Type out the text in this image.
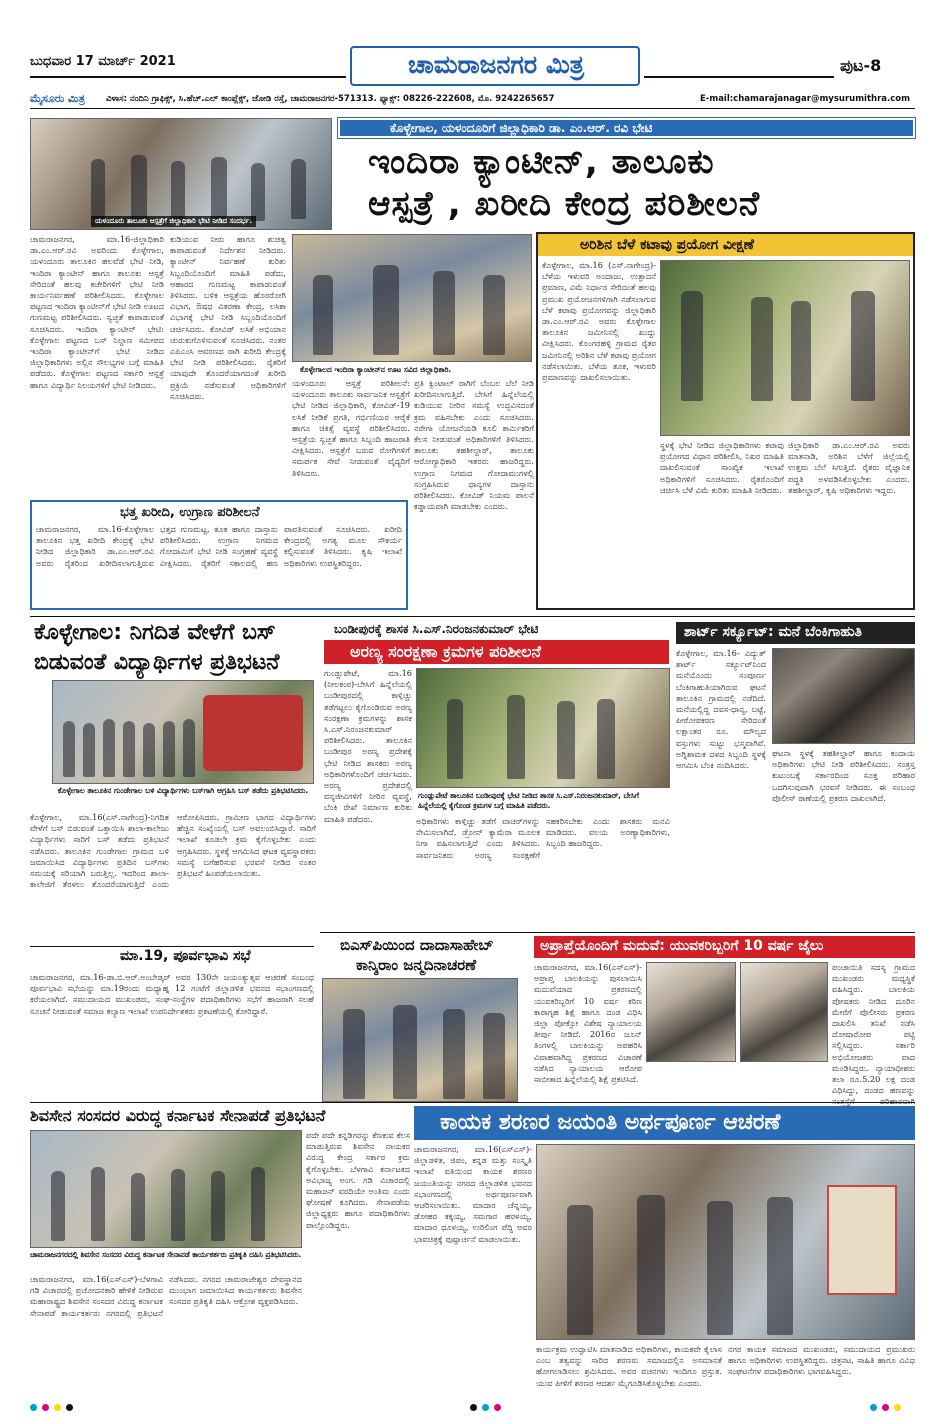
ಬುಧವಾರ 17 ಮಾರ್ಚ್ 2021	ಚಾಮರಾಜನಗರ ಮಿತ್ರ	ಪುಟ-8
ಮೈಸೂರು ಮಿತ್ರ ವಿಳಾಸ: ನಂದಿನಿ ಗ್ರಾಫಿಕ್ಸ್, ಸಿ.ಹೆಚ್.ಎಲ್ ಕಾಂಪ್ಲೆಕ್ಸ್, ಜೋಡಿ ರಸ್ತೆ, ಚಾಮರಾಜನಗರ-571313. ಫ್ಯಾಕ್ಸ್: 08226-222608, ಮೊ. 9242265657	E-mail:chamarajanagar@mysurumithra.com
ಯಳಂದೂರು ತಾಲೂಕು ಆಸ್ಪತ್ರೆಗೆ ಜಿಲ್ಲಾಧಿಕಾರಿ ಭೇಟಿ ನೀಡಿದ ಸಂದರ್ಭ.
ಕೊಳ್ಳೇಗಾಲ, ಯಳಂದೂರಿಗೆ ಜಿಲ್ಲಾಧಿಕಾರಿ ಡಾ. ಎಂ.ಆರ್. ರವಿ ಭೇಟಿ
ಇಂದಿರಾ ಕ್ಯಾಂಟೀನ್, ತಾಲೂಕು
ಆಸ್ಪತ್ರೆ , ಖರೀದಿ ಕೇಂದ್ರ ಪರಿಶೀಲನೆ
ಚಾಮರಾಜನಗರ, ಮಾ.16-ಜಿಲ್ಲಾಧಿಕಾರಿ ಡಾ.ಎಂ.ಆರ್.ರವಿ ಅವರಿಂದು ಕೊಳ್ಳೇಗಾಲ, ಯಳಂದೂರು ತಾಲೂಕಿನ ಹಲವೆಡೆ ಭೇಟಿ ನೀಡಿ, ಇಂದಿರಾ ಕ್ಯಾಂಟೀನ್ ಹಾಗೂ ತಾಲೂಕು ಆಸ್ಪತ್ರೆ ಸೇರಿದಂತೆ ಹಲವು ಕಚೇರಿಗಳಿಗೆ ಭೇಟಿ ನೀಡಿ ಕಾರ್ಯನಿರ್ವಹಣೆ ಪರಿಶೀಲಿಸಿದರು. ಕೊಳ್ಳೇಗಾಲ ಪಟ್ಟಣದ ಇಂದಿರಾ ಕ್ಯಾಂಟೀನ್‌ಗೆ ಭೇಟಿ ನೀಡಿ ಊಟದ ಗುಣಮಟ್ಟ ಪರಿಶೀಲಿಸಿದರು. ಸ್ವಚ್ಛತೆ ಕಾಪಾಡುವಂತೆ ಸೂಚಿಸಿದರು. ಇಂದಿರಾ ಕ್ಯಾಂಟೀನ್ ಭೇಟಿ: ಕೊಳ್ಳೇಗಾಲ ಪಟ್ಟಣದ ಬಸ್ ನಿಲ್ದಾಣ ಸಮೀಪದ ಇಂದಿರಾ ಕ್ಯಾಂಟೀನ್‌ಗೆ ಭೇಟಿ ನೀಡಿದ ಜಿಲ್ಲಾಧಿಕಾರಿಗಳು ಅಲ್ಲಿನ ಸೌಲಭ್ಯಗಳ ಬಗ್ಗೆ ಮಾಹಿತಿ ಪಡೆದರು. ಕೊಳ್ಳೇಗಾಲ ಪಟ್ಟಣದ ಸರ್ಕಾರಿ ಆಸ್ಪತ್ರೆ ಹಾಗೂ ವಿದ್ಯಾರ್ಥಿ ನಿಲಯಗಳಿಗೆ ಭೇಟಿ ನೀಡಿದರು.
ಕುಡಿಯುವ ನೀರು ಹಾಗೂ ಶುಚಿತ್ವ ಕಾಪಾಡುವಂತೆ ನಿರ್ದೇಶನ ನೀಡಿದರು. ಕ್ಯಾಂಟೀನ್ ನಿರ್ವಹಣೆ ಕುರಿತು ಸಿಬ್ಬಂದಿಯೊಂದಿಗೆ ಮಾಹಿತಿ ಪಡೆದು, ಆಹಾರದ ಗುಣಮಟ್ಟ ಕಾಪಾಡುವಂತೆ ತಿಳಿಸಿದರು. ಬಳಿಕ ಆಸ್ಪತ್ರೆಯ ಹೊರರೋಗಿ ವಿಭಾಗ, ಔಷಧ ವಿತರಣಾ ಕೇಂದ್ರ, ಲಸಿಕಾ ವಿಭಾಗಕ್ಕೆ ಭೇಟಿ ನೀಡಿ ಸಿಬ್ಬಂದಿಯೊಂದಿಗೆ ಚರ್ಚಿಸಿದರು. ಕೋವಿಡ್ ಲಸಿಕೆ ಅಭಿಯಾನ ಚುರುಕುಗೊಳಿಸುವಂತೆ ಸೂಚಿಸಿದರು. ನಂತರ ಎಪಿಎಂಸಿ ಆವರಣದ ರಾಗಿ ಖರೀದಿ ಕೇಂದ್ರಕ್ಕೆ ಭೇಟಿ ನೀಡಿ ಪರಿಶೀಲಿಸಿದರು. ರೈತರಿಗೆ ಯಾವುದೇ ತೊಂದರೆಯಾಗದಂತೆ ಖರೀದಿ ಪ್ರಕ್ರಿಯೆ ನಡೆಸುವಂತೆ ಅಧಿಕಾರಿಗಳಿಗೆ ಸೂಚಿಸಿದರು.
ಕೊಳ್ಳೇಗಾಲದ ಇಂದಿರಾ ಕ್ಯಾಂಟೀನ್‌ನ ಊಟ ಸವಿದ ಜಿಲ್ಲಾಧಿಕಾರಿ.
ಯಳಂದೂರು ಆಸ್ಪತ್ರೆ ಪರಿಶೀಲನೆ: ಯಳಂದೂರು ತಾಲೂಕು ಸಾರ್ವಜನಿಕ ಆಸ್ಪತ್ರೆಗೆ ಭೇಟಿ ನೀಡಿದ ಜಿಲ್ಲಾಧಿಕಾರಿ, ಕೋವಿಡ್-19 ಲಸಿಕೆ ನೀಡಿಕೆ ಪ್ರಗತಿ, ಗರ್ಭಿಣಿಯರ ಆರೈಕೆ ಹಾಗೂ ಚಿಕಿತ್ಸೆ ವ್ಯವಸ್ಥೆ ಪರಿಶೀಲಿಸಿದರು. ಆಸ್ಪತ್ರೆಯ ಸ್ವಚ್ಛತೆ ಹಾಗೂ ಸಿಬ್ಬಂದಿ ಹಾಜರಾತಿ ವೀಕ್ಷಿಸಿದರು. ಆಸ್ಪತ್ರೆಗೆ ಬರುವ ರೋಗಿಗಳಿಗೆ ಸಮರ್ಪಕ ಸೇವೆ ನೀಡುವಂತೆ ವೈದ್ಯರಿಗೆ ತಿಳಿಸಿದರು.
ಪ್ರತಿ ಕ್ವಿಂಟಾಲ್ ರಾಗಿಗೆ ಬೆಂಬಲ ಬೆಲೆ ನೀಡಿ ಖರೀದಿಸಲಾಗುತ್ತಿದೆ. ಬೇಸಿಗೆ ಹಿನ್ನೆಲೆಯಲ್ಲಿ ಕುಡಿಯುವ ನೀರಿನ ಸಮಸ್ಯೆ ಉದ್ಭವಿಸದಂತೆ ಕ್ರಮ ವಹಿಸಬೇಕು ಎಂದು ಸೂಚಿಸಿದರು. ನರೇಗಾ ಯೋಜನೆಯಡಿ ಕೂಲಿ ಕಾರ್ಮಿಕರಿಗೆ ಕೆಲಸ ನೀಡುವಂತೆ ಅಧಿಕಾರಿಗಳಿಗೆ ತಿಳಿಸಿದರು. ತಾಲೂಕು ತಹಶೀಲ್ದಾರ್, ತಾಲೂಕು ಆರೋಗ್ಯಾಧಿಕಾರಿ ಇತರರು ಹಾಜರಿದ್ದರು. ಉಗ್ರಾಣ ನಿಗಮದ ಗೋದಾಮುಗಳಲ್ಲಿ ಸಂಗ್ರಹಿಸಿರುವ ಧಾನ್ಯಗಳ ದಾಸ್ತಾನು ಪರಿಶೀಲಿಸಿದರು. ಕೋವಿಡ್ ನಿಯಮ ಪಾಲನೆ ಕಡ್ಡಾಯವಾಗಿ ಮಾಡಬೇಕು ಎಂದರು.
ಭತ್ತ ಖರೀದಿ, ಉಗ್ರಾಣ ಪರಿಶೀಲನೆ
ಚಾಮರಾಜನಗರ, ಮಾ.16-ಕೊಳ್ಳೇಗಾಲ ತಾಲೂಕಿನ ಭತ್ತ ಖರೀದಿ ಕೇಂದ್ರಕ್ಕೆ ಭೇಟಿ ನೀಡಿದ ಜಿಲ್ಲಾಧಿಕಾರಿ ಡಾ.ಎಂ.ಆರ್.ರವಿ ಅವರು ರೈತರಿಂದ ಖರೀದಿಸಲಾಗುತ್ತಿರುವ ಭತ್ತದ ಗುಣಮಟ್ಟ, ತೂಕ ಹಾಗೂ ದಾಸ್ತಾನು ಪರಿಶೀಲಿಸಿದರು. ಉಗ್ರಾಣ ನಿಗಮದ ಗೋದಾಮಿಗೆ ಭೇಟಿ ನೀಡಿ ಸಂಗ್ರಹಣೆ ವ್ಯವಸ್ಥೆ ವೀಕ್ಷಿಸಿದರು. ರೈತರಿಗೆ ಸಕಾಲದಲ್ಲಿ ಹಣ ಪಾವತಿಸುವಂತೆ ಸೂಚಿಸಿದರು. ಖರೀದಿ ಕೇಂದ್ರದಲ್ಲಿ ಅಗತ್ಯ ಮೂಲ ಸೌಕರ್ಯ ಕಲ್ಪಿಸುವಂತೆ ತಿಳಿಸಿದರು. ಕೃಷಿ ಇಲಾಖೆ ಅಧಿಕಾರಿಗಳು ಉಪಸ್ಥಿತರಿದ್ದರು.
ಅರಿಶಿನ ಬೆಳೆ ಕಟಾವು ಪ್ರಯೋಗ ವೀಕ್ಷಣೆ
ಕೊಳ್ಳೇಗಾಲ, ಮಾ.16 (ಎಸ್.ನಾಗೇಂದ್ರ)-ಬೆಳೆಯ ಇಳುವರಿ ಅಂದಾಜು, ಉತ್ಪಾದನೆ ಪ್ರಮಾಣ, ವಿಮೆ ನಿರ್ಧಾರ ಸೇರಿದಂತೆ ಹಲವು ಪ್ರಮುಖ ಪ್ರಯೋಜನಗಳಿಗಾಗಿ ನಡೆಸಲಾಗುವ ಬೆಳೆ ಕಟಾವು ಪ್ರಯೋಗವನ್ನು ಜಿಲ್ಲಾಧಿಕಾರಿ ಡಾ.ಎಂ.ಆರ್.ರವಿ ಅವರು ಕೊಳ್ಳೇಗಾಲ ತಾಲೂಕಿನ ಜಮೀನಿನಲ್ಲಿ ಖುದ್ದು ವೀಕ್ಷಿಸಿದರು. ಕೊಂಗರಹಳ್ಳಿ ಗ್ರಾಮದ ರೈತರ ಜಮೀನಿನಲ್ಲಿ ಅರಿಶಿನ ಬೆಳೆ ಕಟಾವು ಪ್ರಯೋಗ ನಡೆಸಲಾಯಿತು. ಬೆಳೆಯ ತೂಕ, ಇಳುವರಿ ಪ್ರಮಾಣವನ್ನು ದಾಖಲಿಸಲಾಯಿತು.
ಸ್ಥಳಕ್ಕೆ ಭೇಟಿ ನೀಡಿದ ಜಿಲ್ಲಾಧಿಕಾರಿಗಳು ಕಟಾವು ಪ್ರಯೋಗದ ವಿಧಾನ ಪರಿಶೀಲಿಸಿ, ನಿಖರ ಮಾಹಿತಿ ದಾಖಲಿಸುವಂತೆ ಸಾಂಖ್ಯಿಕ ಇಲಾಖೆ ಅಧಿಕಾರಿಗಳಿಗೆ ಸೂಚಿಸಿದರು. ರೈತರೊಂದಿಗೆ ಚರ್ಚಿಸಿ ಬೆಳೆ ವಿಮೆ ಕುರಿತು ಮಾಹಿತಿ ನೀಡಿದರು.
ಜಿಲ್ಲಾಧಿಕಾರಿ ಡಾ.ಎಂ.ಆರ್.ರವಿ ಅವರು ಮಾತನಾಡಿ, ಅರಿಶಿನ ಬೆಳೆಗೆ ಜಿಲ್ಲೆಯಲ್ಲಿ ಉತ್ತಮ ಬೆಲೆ ಸಿಗುತ್ತಿದೆ. ರೈತರು ವೈಜ್ಞಾನಿಕ ಪದ್ಧತಿ ಅಳವಡಿಸಿಕೊಳ್ಳಬೇಕು ಎಂದರು. ತಹಶೀಲ್ದಾರ್, ಕೃಷಿ ಅಧಿಕಾರಿಗಳು ಇದ್ದರು.
ಕೊಳ್ಳೇಗಾಲ: ನಿಗದಿತ ವೇಳೆಗೆ ಬಸ್
ಬಿಡುವಂತೆ ವಿದ್ಯಾರ್ಥಿಗಳ ಪ್ರತಿಭಟನೆ
ಕೊಳ್ಳೇಗಾಲ ತಾಲೂಕಿನ ಗುಂಡೇಗಾಲ ಬಳಿ ವಿದ್ಯಾರ್ಥಿಗಳು ಬಸ್‌ಗಾಗಿ ಆಗ್ರಹಿಸಿ ಬಸ್ ತಡೆದು ಪ್ರತಿಭಟಿಸಿದರು.
ಕೊಳ್ಳೇಗಾಲ, ಮಾ.16(ಎಸ್.ನಾಗೇಂದ್ರ)-ನಿಗದಿತ ವೇಳೆಗೆ ಬಸ್ ಬಿಡುವಂತೆ ಒತ್ತಾಯಿಸಿ ಶಾಲಾ-ಕಾಲೇಜು ವಿದ್ಯಾರ್ಥಿಗಳು ಸಾರಿಗೆ ಬಸ್ ತಡೆದು ಪ್ರತಿಭಟನೆ ನಡೆಸಿದರು. ತಾಲೂಕಿನ ಗುಂಡೇಗಾಲ ಗ್ರಾಮದ ಬಳಿ ಜಮಾಯಿಸಿದ ವಿದ್ಯಾರ್ಥಿಗಳು ಪ್ರತಿದಿನ ಬಸ್‌ಗಳು ಸಮಯಕ್ಕೆ ಸರಿಯಾಗಿ ಬರುತ್ತಿಲ್ಲ. ಇದರಿಂದ ಶಾಲಾ-ಕಾಲೇಜಿಗೆ ತೆರಳಲು ತೊಂದರೆಯಾಗುತ್ತಿದೆ ಎಂದು ಆರೋಪಿಸಿದರು. ಗ್ರಾಮೀಣ ಭಾಗದ ವಿದ್ಯಾರ್ಥಿಗಳು ಹೆಚ್ಚಿನ ಸಂಖ್ಯೆಯಲ್ಲಿ ಬಸ್ ಅವಲಂಬಿಸಿದ್ದಾರೆ. ಸಾರಿಗೆ ಇಲಾಖೆ ಕೂಡಲೇ ಕ್ರಮ ಕೈಗೊಳ್ಳಬೇಕು ಎಂದು ಆಗ್ರಹಿಸಿದರು. ಸ್ಥಳಕ್ಕೆ ಆಗಮಿಸಿದ ಘಟಕ ವ್ಯವಸ್ಥಾಪಕರು ಸಮಸ್ಯೆ ಬಗೆಹರಿಸುವ ಭರವಸೆ ನೀಡಿದ ನಂತರ ಪ್ರತಿಭಟನೆ ಹಿಂಪಡೆಯಲಾಯಿತು.
ಬಂಡೀಪುರಕ್ಕೆ ಶಾಸಕ ಸಿ.ಎಸ್.ನಿರಂಜನಕುಮಾರ್ ಭೇಟಿ
ಅರಣ್ಯ ಸಂರಕ್ಷಣಾ ಕ್ರಮಗಳ ಪರಿಶೀಲನೆ
ಗುಂಡ್ಲುಪೇಟೆ, ಮಾ.16 (ನೀಲಕಂಠ)-ಬೇಸಿಗೆ ಹಿನ್ನೆಲೆಯಲ್ಲಿ ಬಂಡೀಪುರದಲ್ಲಿ ಕಾಳ್ಗಿಚ್ಚು ತಡೆಗಟ್ಟಲು ಕೈಗೊಂಡಿರುವ ಅರಣ್ಯ ಸಂರಕ್ಷಣಾ ಕ್ರಮಗಳನ್ನು ಶಾಸಕ ಸಿ.ಎಸ್.ನಿರಂಜನಕುಮಾರ್ ಪರಿಶೀಲಿಸಿದರು. ತಾಲೂಕಿನ ಬಂಡೀಪುರ ಅರಣ್ಯ ಪ್ರದೇಶಕ್ಕೆ ಭೇಟಿ ನೀಡಿದ ಶಾಸಕರು ಅರಣ್ಯ ಅಧಿಕಾರಿಗಳೊಂದಿಗೆ ಚರ್ಚಿಸಿದರು. ಅರಣ್ಯ ಪ್ರದೇಶದಲ್ಲಿ ವನ್ಯಜೀವಿಗಳಿಗೆ ನೀರಿನ ವ್ಯವಸ್ಥೆ, ಬೆಂಕಿ ರೇಖೆ ನಿರ್ಮಾಣ ಕುರಿತು ಮಾಹಿತಿ ಪಡೆದರು.
ಗುಂಡ್ಲುಪೇಟೆ ತಾಲೂಕಿನ ಬಂಡೀಪುರಕ್ಕೆ ಭೇಟಿ ನೀಡಿದ ಶಾಸಕ ಸಿ.ಎಸ್.ನಿರಂಜನಕುಮಾರ್, ಬೇಸಿಗೆ ಹಿನ್ನೆಲೆಯಲ್ಲಿ ಕೈಗೊಂಡ ಕ್ರಮಗಳ ಬಗ್ಗೆ ಮಾಹಿತಿ ಪಡೆದರು.
ಅಧಿಕಾರಿಗಳು ಕಾಳ್ಗಿಚ್ಚು ತಡೆಗೆ ವಾಚರ್‌ಗಳನ್ನು ನೇಮಿಸಲಾಗಿದೆ, ಡ್ರೋನ್ ಕ್ಯಾಮೆರಾ ಮೂಲಕ ನಿಗಾ ವಹಿಸಲಾಗುತ್ತಿದೆ ಎಂದು ತಿಳಿಸಿದರು. ಸಾರ್ವಜನಿಕರು ಅರಣ್ಯ ಸಂರಕ್ಷಣೆಗೆ ಸಹಕರಿಸಬೇಕು ಎಂದು ಶಾಸಕರು ಮನವಿ ಮಾಡಿದರು. ವಲಯ ಅರಣ್ಯಾಧಿಕಾರಿಗಳು, ಸಿಬ್ಬಂದಿ ಹಾಜರಿದ್ದರು.
ಶಾರ್ಟ್ ಸರ್ಕ್ಯೂಟ್: ಮನೆ ಬೆಂಕಿಗಾಹುತಿ
ಕೊಳ್ಳೇಗಾಲ, ಮಾ.16- ವಿದ್ಯುತ್ ಶಾರ್ಟ್ ಸರ್ಕ್ಯೂಟ್‌ನಿಂದ ಮನೆಯೊಂದು ಸಂಪೂರ್ಣ ಬೆಂಕಿಗಾಹುತಿಯಾಗಿರುವ ಘಟನೆ ತಾಲೂಕಿನ ಗ್ರಾಮದಲ್ಲಿ ನಡೆದಿದೆ. ಮನೆಯಲ್ಲಿದ್ದ ದವಸ-ಧಾನ್ಯ, ಬಟ್ಟೆ, ಪೀಠೋಪಕರಣ ಸೇರಿದಂತೆ ಲಕ್ಷಾಂತರ ರೂ. ಮೌಲ್ಯದ ವಸ್ತುಗಳು ಸುಟ್ಟು ಭಸ್ಮವಾಗಿವೆ. ಅಗ್ನಿಶಾಮಕ ದಳದ ಸಿಬ್ಬಂದಿ ಸ್ಥಳಕ್ಕೆ ಆಗಮಿಸಿ ಬೆಂಕಿ ನಂದಿಸಿದರು.
ಘಟನಾ ಸ್ಥಳಕ್ಕೆ ತಹಶೀಲ್ದಾರ್ ಹಾಗೂ ಕಂದಾಯ ಅಧಿಕಾರಿಗಳು ಭೇಟಿ ನೀಡಿ ಪರಿಶೀಲಿಸಿದರು. ಸಂತ್ರಸ್ತ ಕುಟುಂಬಕ್ಕೆ ಸರ್ಕಾರದಿಂದ ಸೂಕ್ತ ಪರಿಹಾರ ಒದಗಿಸುವುದಾಗಿ ಭರವಸೆ ನೀಡಿದರು. ಈ ಸಂಬಂಧ ಪೊಲೀಸ್ ಠಾಣೆಯಲ್ಲಿ ಪ್ರಕರಣ ದಾಖಲಾಗಿದೆ.
ಬಿಎಸ್‌ಪಿಯಿಂದ ದಾದಾಸಾಹೇಬ್
ಕಾನ್ಶಿರಾಂ ಜನ್ಮದಿನಾಚರಣೆ
ಅಪ್ರಾಪ್ತೆಯೊಂದಿಗೆ ಮದುವೆ: ಯುವಕರಿಬ್ಬರಿಗೆ 10 ವರ್ಷ ಜೈಲು
ಚಾಮರಾಜನಗರ, ಮಾ.16(ಎಸ್‌ಎಸ್)-ಅಪ್ರಾಪ್ತ ಬಾಲಕಿಯನ್ನು ಪುಸಲಾಯಿಸಿ ಮದುವೆಯಾದ ಪ್ರಕರಣದಲ್ಲಿ ಯುವಕರಿಬ್ಬರಿಗೆ 10 ವರ್ಷ ಕಠಿಣ ಕಾರಾಗೃಹ ಶಿಕ್ಷೆ ಹಾಗೂ ದಂಡ ವಿಧಿಸಿ ಜಿಲ್ಲಾ ಪೋಕ್ಸೋ ವಿಶೇಷ ನ್ಯಾಯಾಲಯ ತೀರ್ಪು ನೀಡಿದೆ. 2016ರ ಜೂನ್ ತಿಂಗಳಲ್ಲಿ ಬಾಲಕಿಯನ್ನು ಅಪಹರಿಸಿ ವಿವಾಹವಾಗಿದ್ದ ಪ್ರಕರಣದ ವಿಚಾರಣೆ ನಡೆಸಿದ ನ್ಯಾಯಾಲಯ ಆರೋಪ ಸಾಬೀತಾದ ಹಿನ್ನೆಲೆಯಲ್ಲಿ ಶಿಕ್ಷೆ ಪ್ರಕಟಿಸಿದೆ.
ಪಂಚಾಯಿತಿ ಸದಸ್ಯ ಗ್ರಾಮದ ಮುಖಂಡರು ಮಧ್ಯಸ್ಥಿಕೆ ವಹಿಸಿದ್ದರು. ಬಾಲಕಿಯ ಪೋಷಕರು ನೀಡಿದ ದೂರಿನ ಮೇರೆಗೆ ಪೊಲೀಸರು ಪ್ರಕರಣ ದಾಖಲಿಸಿ ತನಿಖೆ ನಡೆಸಿ ದೋಷಾರೋಪ ಪಟ್ಟಿ ಸಲ್ಲಿಸಿದ್ದರು. ಸರ್ಕಾರಿ ಅಭಿಯೋಜಕರು ವಾದ ಮಂಡಿಸಿದ್ದರು. ನ್ಯಾಯಾಧೀಶರು ತಲಾ ರೂ.5.20 ಲಕ್ಷ ದಂಡ ವಿಧಿಸಿದ್ದು, ದಂಡದ ಹಣವನ್ನು
ಮಾ.19, ಪೂರ್ವಭಾವಿ ಸಭೆ
ಚಾಮರಾಜನಗರ, ಮಾ.16-ಡಾ.ಬಿ.ಆರ್.ಅಂಬೇಡ್ಕರ್ ಅವರ 130ನೇ ಜಯಂತ್ಯುತ್ಸವ ಆಚರಣೆ ಸಂಬಂಧ ಪೂರ್ವಭಾವಿ ಸಭೆಯನ್ನು ಮಾ.19ರಂದು ಮಧ್ಯಾಹ್ನ 12 ಗಂಟೆಗೆ ಜಿಲ್ಲಾಡಳಿತ ಭವನದ ಸಭಾಂಗಣದಲ್ಲಿ ಕರೆಯಲಾಗಿದೆ. ಸಮುದಾಯದ ಮುಖಂಡರು, ಸಂಘ-ಸಂಸ್ಥೆಗಳ ಪದಾಧಿಕಾರಿಗಳು ಸಭೆಗೆ ಹಾಜರಾಗಿ ಸಲಹೆ ಸೂಚನೆ ನೀಡುವಂತೆ ಸಮಾಜ ಕಲ್ಯಾಣ ಇಲಾಖೆ ಉಪನಿರ್ದೇಶಕರು ಪ್ರಕಟಣೆಯಲ್ಲಿ ಕೋರಿದ್ದಾರೆ.
ಶಿವಸೇನ ಸಂಸದರ ವಿರುದ್ಧ ಕರ್ನಾಟಕ ಸೇನಾಪಡೆ ಪ್ರತಿಭಟನೆ
ಚಾಮರಾಜನಗರದಲ್ಲಿ ಶಿವಸೇನ ಸಂಸದರ ವಿರುದ್ಧ ಕರ್ನಾಟಕ ಸೇನಾಪಡೆ ಕಾರ್ಯಕರ್ತರು ಪ್ರತಿಕೃತಿ ದಹಿಸಿ ಪ್ರತಿಭಟಿಸಿದರು.
ಚಾಮರಾಜನಗರ, ಮಾ.16(ಎಸ್‌ಎಸ್)-ಬೆಳಗಾವಿ ಗಡಿ ವಿಚಾರದಲ್ಲಿ ಪ್ರಚೋದನಕಾರಿ ಹೇಳಿಕೆ ನೀಡಿರುವ ಮಹಾರಾಷ್ಟ್ರದ ಶಿವಸೇನ ಸಂಸದರ ವಿರುದ್ಧ ಕರ್ನಾಟಕ ಸೇನಾಪಡೆ ಕಾರ್ಯಕರ್ತರು ನಗರದಲ್ಲಿ ಪ್ರತಿಭಟನೆ ನಡೆಸಿದರು. ನಗರದ ಚಾಮರಾಜೇಶ್ವರ ದೇವಸ್ಥಾನದ ಮುಂಭಾಗ ಜಮಾಯಿಸಿದ ಕಾರ್ಯಕರ್ತರು ಶಿವಸೇನ ಸಂಸದರ ಪ್ರತಿಕೃತಿ ದಹಿಸಿ ಆಕ್ರೋಶ ವ್ಯಕ್ತಪಡಿಸಿದರು.
ಪದೇ ಪದೇ ಕನ್ನಡಿಗರನ್ನು ಕೆಣಕುವ ಕೆಲಸ ಮಾಡುತ್ತಿರುವ ಶಿವಸೇನ ನಾಯಕರ ವಿರುದ್ಧ ಕೇಂದ್ರ ಸರ್ಕಾರ ಕ್ರಮ ಕೈಗೊಳ್ಳಬೇಕು. ಬೆಳಗಾವಿ ಕರ್ನಾಟಕದ ಅವಿಭಾಜ್ಯ ಅಂಗ. ಗಡಿ ವಿಚಾರದಲ್ಲಿ ಮಹಾಜನ್ ವರದಿಯೇ ಅಂತಿಮ ಎಂದು ಘೋಷಣೆ ಕೂಗಿದರು. ಸೇನಾಪಡೆಯ ಜಿಲ್ಲಾಧ್ಯಕ್ಷರು ಹಾಗೂ ಪದಾಧಿಕಾರಿಗಳು ಪಾಲ್ಗೊಂಡಿದ್ದರು.
ಕಾಯಕ ಶರಣರ ಜಯಂತಿ ಅರ್ಥಪೂರ್ಣ ಆಚರಣೆ
ಚಾಮರಾಜನಗರ, ಮಾ.16(ಎಸ್‌ಎಸ್)- ಜಿಲ್ಲಾಡಳಿತ, ಜಿಪಂ, ಕನ್ನಡ ಮತ್ತು ಸಂಸ್ಕೃತಿ ಇಲಾಖೆ ವತಿಯಿಂದ ಕಾಯಕ ಶರಣರ ಜಯಂತಿಯನ್ನು ನಗರದ ಜಿಲ್ಲಾಡಳಿತ ಭವನದ ಸಭಾಂಗಣದಲ್ಲಿ ಅರ್ಥಪೂರ್ಣವಾಗಿ ಆಚರಿಸಲಾಯಿತು. ಮಾದಾರ ಚೆನ್ನಯ್ಯ, ಡೋಹರ ಕಕ್ಕಯ್ಯ, ಸಮಗಾರ ಹರಳಯ್ಯ, ಮಾದಾರ ಧೂಳಯ್ಯ, ಉರಿಲಿಂಗ ಪೆದ್ದಿ ಅವರ ಭಾವಚಿತ್ರಕ್ಕೆ ಪುಷ್ಪಾರ್ಚನೆ ಮಾಡಲಾಯಿತು.
ಕಾರ್ಯಕ್ರಮ ಉದ್ಘಾಟಿಸಿ ಮಾತನಾಡಿದ ಅಧಿಕಾರಿಗಳು, ಕಾಯಕವೇ ಕೈಲಾಸ ಎಂಬ ತತ್ವವನ್ನು ಸಾರಿದ ಶರಣರು ಸಮಾಜದಲ್ಲಿನ ಅಸಮಾನತೆ ಹೋಗಲಾಡಿಸಲು ಶ್ರಮಿಸಿದರು. ಅವರ ವಚನಗಳು ಇಂದಿಗೂ ಪ್ರಸ್ತುತ. ಯುವ ಪೀಳಿಗೆ ಶರಣರ ಆದರ್ಶ ಮೈಗೂಡಿಸಿಕೊಳ್ಳಬೇಕು ಎಂದರು.
ನಗರ ಕಾಯಕ ಸಮಾಜದ ಮುಖಂಡರು, ಸಮುದಾಯದ ಪ್ರಮುಖರು ಹಾಗೂ ಅಧಿಕಾರಿಗಳು ಉಪಸ್ಥಿತರಿದ್ದರು. ಚಿತ್ರನಟ, ಸಾಹಿತಿ ಹಾಗೂ ವಿವಿಧ ಸಂಘಟನೆಗಳ ಪದಾಧಿಕಾರಿಗಳು ಭಾಗವಹಿಸಿದ್ದರು.
